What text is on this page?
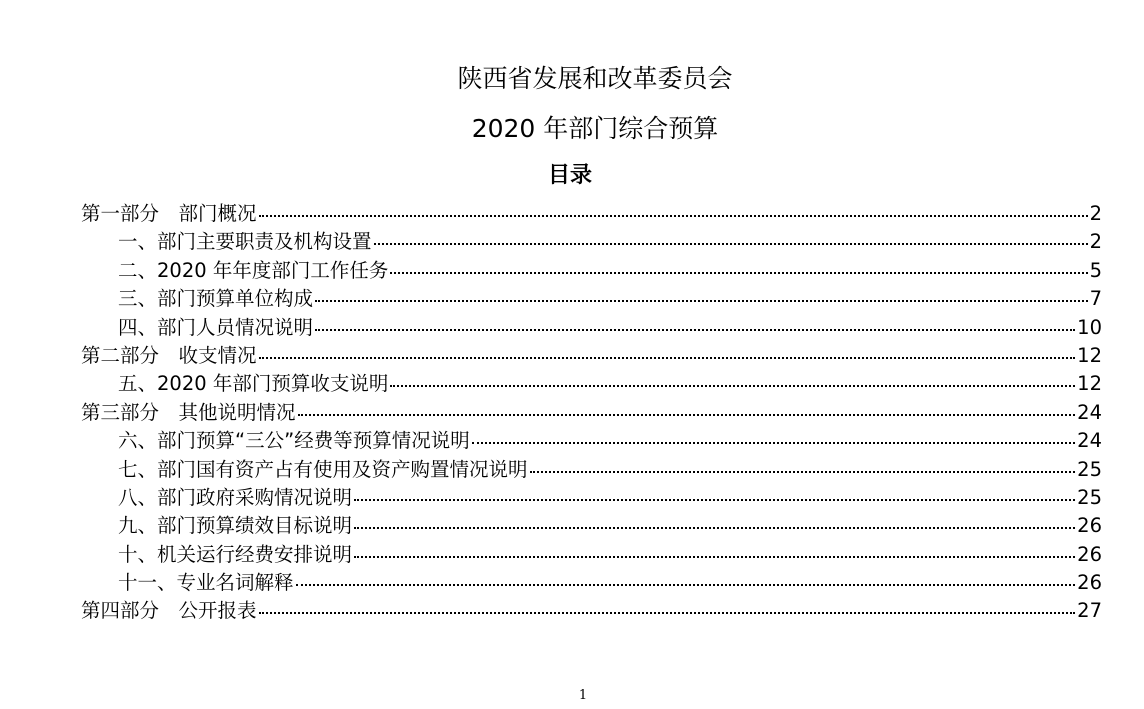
陕西省发展和改革委员会
2020 年部门综合预算
目录
第一部分　部门概况	2
一、部门主要职责及机构设置	2
二、2020 年年度部门工作任务	5
三、部门预算单位构成	7
四、部门人员情况说明	10
第二部分　收支情况	12
五、2020 年部门预算收支说明	12
第三部分　其他说明情况	24
六、部门预算“三公”经费等预算情况说明	24
七、部门国有资产占有使用及资产购置情况说明	25
八、部门政府采购情况说明	25
九、部门预算绩效目标说明	26
十、机关运行经费安排说明	26
十一、专业名词解释	26
第四部分　公开报表	27
1
